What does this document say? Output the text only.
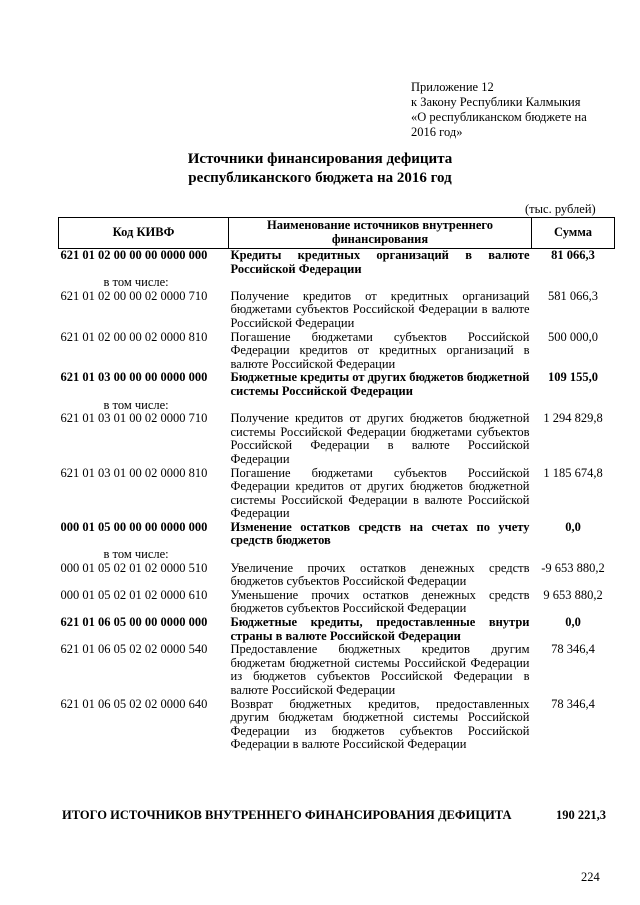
Приложение 12
к Закону Республики Калмыкия
«О республиканском бюджете на
2016 год»
Источники финансирования дефицита
республиканского бюджета на 2016 год
(тыс. рублей)
Код КИВФ	Наименование источников внутреннего финансирования	Сумма
621 01 02 00 00 00 0000 000	Кредиты кредитных организаций в валюте Российской Федерации	81 066,3
в том числе:		
621 01 02 00 00 02 0000 710	Получение кредитов от кредитных организаций бюджетами субъектов Российской Федерации в валюте Российской Федерации	581 066,3
621 01 02 00 00 02 0000 810	Погашение бюджетами субъектов Российской Федерации кредитов от кредитных организаций в валюте Российской Федерации	500 000,0
621 01 03 00 00 00 0000 000	Бюджетные кредиты от других бюджетов бюджетной системы Российской Федерации	109 155,0
в том числе:		
621 01 03 01 00 02 0000 710	Получение кредитов от других бюджетов бюджетной системы Российской Федерации бюджетами субъектов Российской Федерации в валюте Российской Федерации	1 294 829,8
621 01 03 01 00 02 0000 810	Погашение бюджетами субъектов Российской Федерации кредитов от других бюджетов бюджетной системы Российской Федерации в валюте Российской Федерации	1 185 674,8
000 01 05 00 00 00 0000 000	Изменение остатков средств на счетах по учету средств бюджетов	0,0
в том числе:		
000 01 05 02 01 02 0000 510	Увеличение прочих остатков денежных средств бюджетов субъектов Российской Федерации	-9 653 880,2
000 01 05 02 01 02 0000 610	Уменьшение прочих остатков денежных средств бюджетов субъектов Российской Федерации	9 653 880,2
621 01 06 05 00 00 0000 000	Бюджетные кредиты, предоставленные внутри страны в валюте Российской Федерации	0,0
621 01 06 05 02 02 0000 540	Предоставление бюджетных кредитов другим бюджетам бюджетной системы Российской Федерации из бюджетов субъектов Российской Федерации в валюте Российской Федерации	78 346,4
621 01 06 05 02 02 0000 640	Возврат бюджетных кредитов, предоставленных другим бюджетам бюджетной системы Российской Федерации из бюджетов субъектов Российской Федерации в валюте Российской Федерации	78 346,4
ИТОГО ИСТОЧНИКОВ ВНУТРЕННЕГО ФИНАНСИРОВАНИЯ ДЕФИЦИТА	190 221,3
224
